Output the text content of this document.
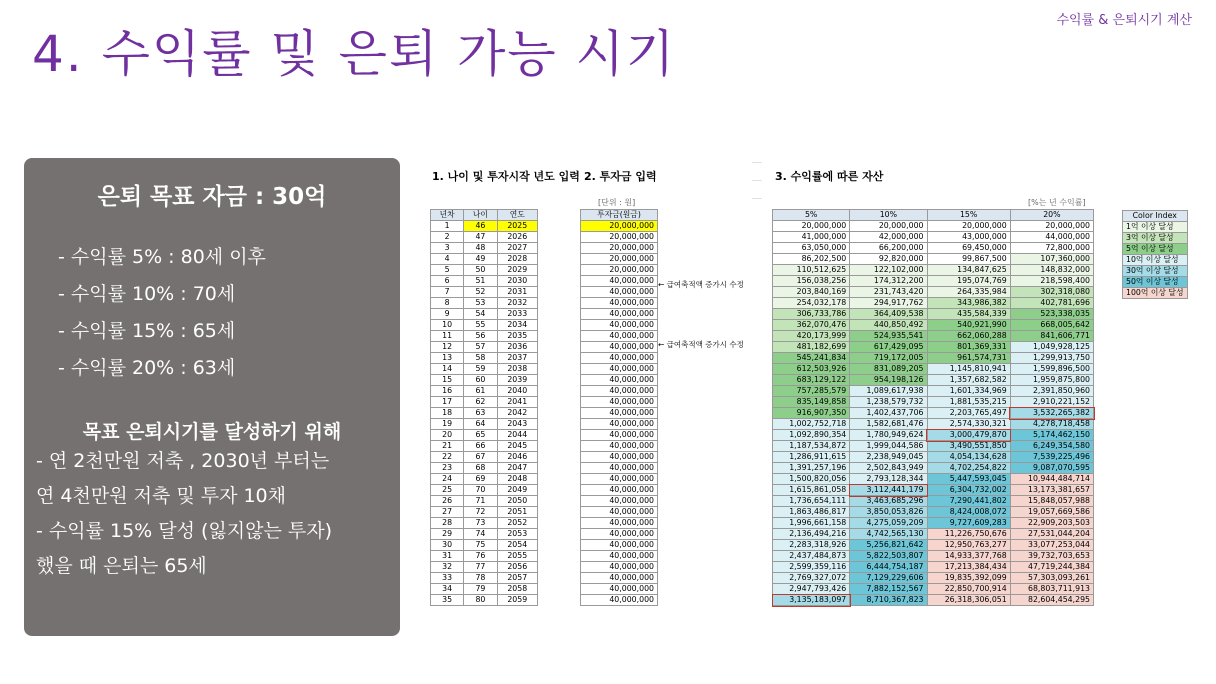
수익률 & 은퇴시기 계산
4. 수익률 및 은퇴 가능 시기
은퇴 목표 자금 : 30억
- 수익률 5% : 80세 이후
- 수익률 10% : 70세
- 수익률 15% : 65세
- 수익률 20% : 63세
목표 은퇴시기를 달성하기 위해
- 연 2천만원 저축 , 2030년 부터는
연 4천만원 저축 및 투자 10채
- 수익률 15% 달성 (잃지않는 투자)
했을 때 은퇴는 65세
1. 나이 및 투자시작 년도 입력 2. 투자금 입력	3. 수익률에 따른 자산
[단위 : 원]	[%는 년 수익률]
년차	나이	연도
1	46	2025
2	47	2026
3	48	2027
4	49	2028
5	50	2029
6	51	2030
7	52	2031
8	53	2032
9	54	2033
10	55	2034
11	56	2035
12	57	2036
13	58	2037
14	59	2038
15	60	2039
16	61	2040
17	62	2041
18	63	2042
19	64	2043
20	65	2044
21	66	2045
22	67	2046
23	68	2047
24	69	2048
25	70	2049
26	71	2050
27	72	2051
28	73	2052
29	74	2053
30	75	2054
31	76	2055
32	77	2056
33	78	2057
34	79	2058
35	80	2059
투자금(원금)
20,000,000
20,000,000
20,000,000
20,000,000
20,000,000
40,000,000
40,000,000
40,000,000
40,000,000
40,000,000
40,000,000
40,000,000
40,000,000
40,000,000
40,000,000
40,000,000
40,000,000
40,000,000
40,000,000
40,000,000
40,000,000
40,000,000
40,000,000
40,000,000
40,000,000
40,000,000
40,000,000
40,000,000
40,000,000
40,000,000
40,000,000
40,000,000
40,000,000
40,000,000
40,000,000
← 급여축적액 증가시 수정
← 급여축적액 증가시 수정
5%	10%	15%	20%
20,000,000	20,000,000	20,000,000	20,000,000
41,000,000	42,000,000	43,000,000	44,000,000
63,050,000	66,200,000	69,450,000	72,800,000
86,202,500	92,820,000	99,867,500	107,360,000
110,512,625	122,102,000	134,847,625	148,832,000
156,038,256	174,312,200	195,074,769	218,598,400
203,840,169	231,743,420	264,335,984	302,318,080
254,032,178	294,917,762	343,986,382	402,781,696
306,733,786	364,409,538	435,584,339	523,338,035
362,070,476	440,850,492	540,921,990	668,005,642
420,173,999	524,935,541	662,060,288	841,606,771
481,182,699	617,429,095	801,369,331	1,049,928,125
545,241,834	719,172,005	961,574,731	1,299,913,750
612,503,926	831,089,205	1,145,810,941	1,599,896,500
683,129,122	954,198,126	1,357,682,582	1,959,875,800
757,285,579	1,089,617,938	1,601,334,969	2,391,850,960
835,149,858	1,238,579,732	1,881,535,215	2,910,221,152
916,907,350	1,402,437,706	2,203,765,497	3,532,265,382
1,002,752,718	1,582,681,476	2,574,330,321	4,278,718,458
1,092,890,354	1,780,949,624	3,000,479,870	5,174,462,150
1,187,534,872	1,999,044,586	3,490,551,850	6,249,354,580
1,286,911,615	2,238,949,045	4,054,134,628	7,539,225,496
1,391,257,196	2,502,843,949	4,702,254,822	9,087,070,595
1,500,820,056	2,793,128,344	5,447,593,045	10,944,484,714
1,615,861,058	3,112,441,179	6,304,732,002	13,173,381,657
1,736,654,111	3,463,685,296	7,290,441,802	15,848,057,988
1,863,486,817	3,850,053,826	8,424,008,072	19,057,669,586
1,996,661,158	4,275,059,209	9,727,609,283	22,909,203,503
2,136,494,216	4,742,565,130	11,226,750,676	27,531,044,204
2,283,318,926	5,256,821,642	12,950,763,277	33,077,253,044
2,437,484,873	5,822,503,807	14,933,377,768	39,732,703,653
2,599,359,116	6,444,754,187	17,213,384,434	47,719,244,384
2,769,327,072	7,129,229,606	19,835,392,099	57,303,093,261
2,947,793,426	7,882,152,567	22,850,700,914	68,803,711,913
3,135,183,097	8,710,367,823	26,318,306,051	82,604,454,295
Color Index
1억 이상 달성
3억 이상 달성
5억 이상 달성
10억 이상 달성
30억 이상 달성
50억 이상 달성
100억 이상 달성
